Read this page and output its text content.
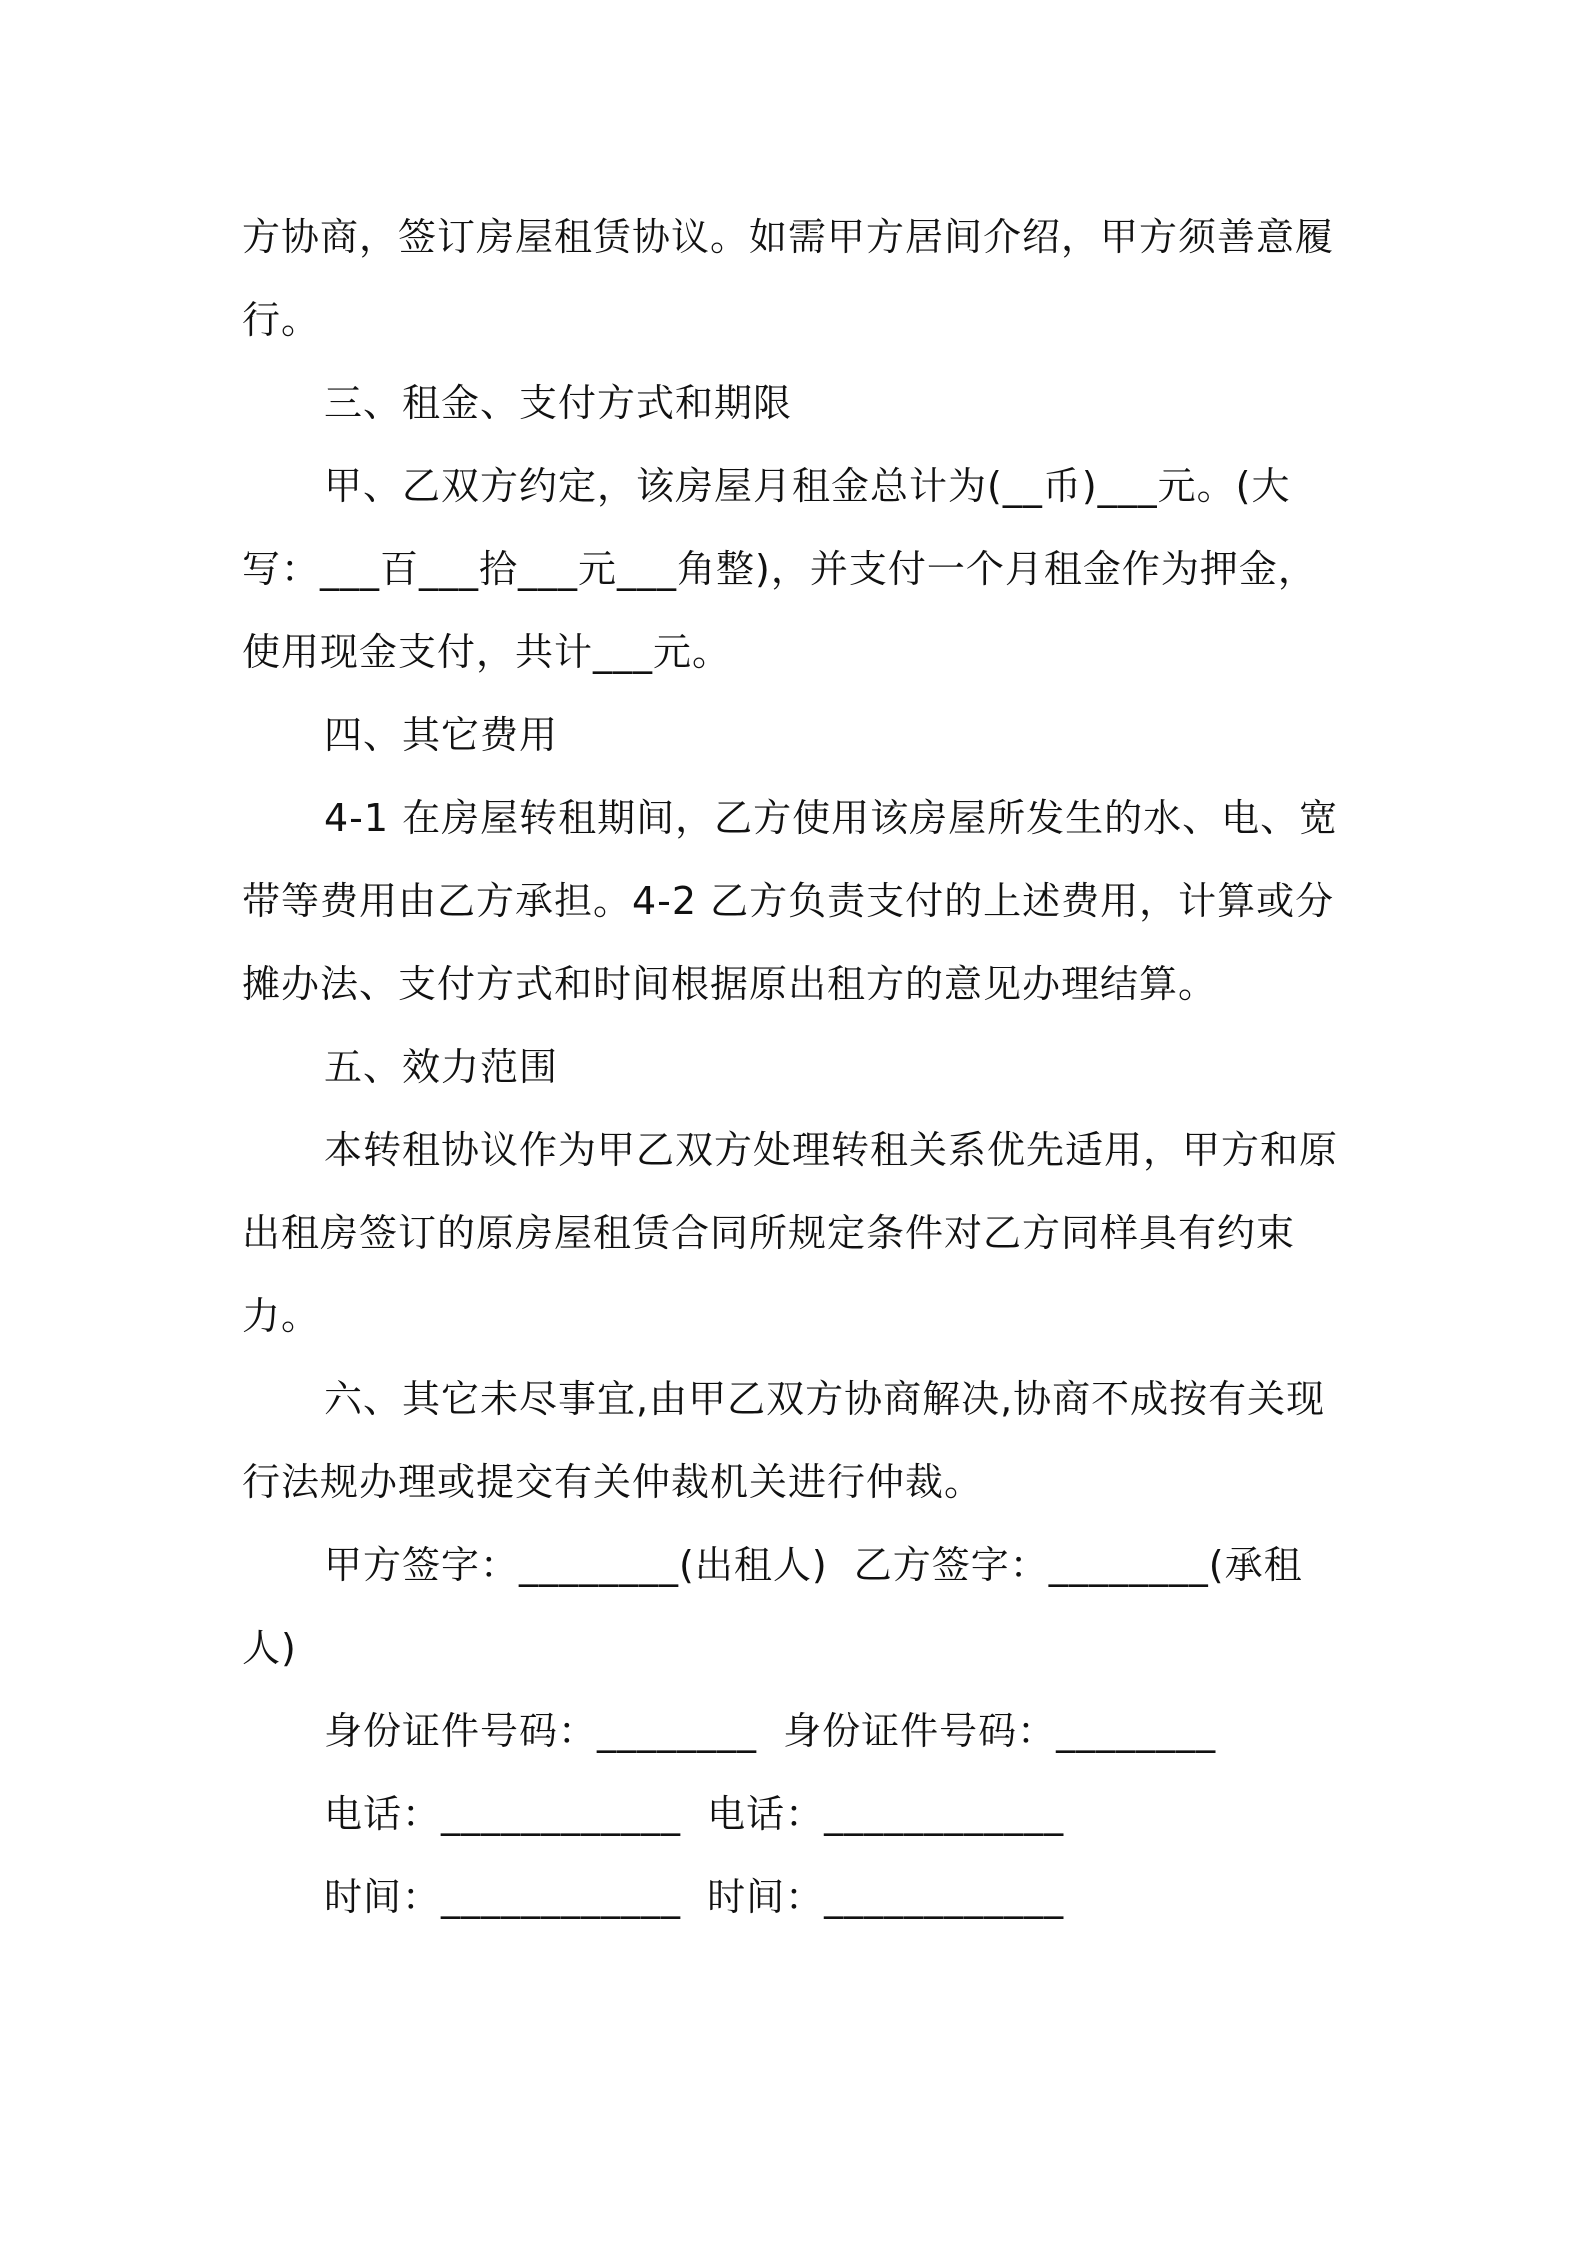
方协商，签订房屋租赁协议。如需甲方居间介绍，甲方须善意履
行。
三、租金、支付方式和期限
甲、乙双方约定，该房屋月租金总计为(__币)___元。(大
写：___百___拾___元___角整)，并支付一个月租金作为押金，
使用现金支付，共计___元。
四、其它费用
4-1 在房屋转租期间，乙方使用该房屋所发生的水、电、宽
带等费用由乙方承担。4-2 乙方负责支付的上述费用，计算或分
摊办法、支付方式和时间根据原出租方的意见办理结算。
五、效力范围
本转租协议作为甲乙双方处理转租关系优先适用，甲方和原
出租房签订的原房屋租赁合同所规定条件对乙方同样具有约束
力。
六、其它未尽事宜,由甲乙双方协商解决,协商不成按有关现
行法规办理或提交有关仲裁机关进行仲裁。
甲方签字：________(出租人)  乙方签字：________(承租
人)
身份证件号码：________  身份证件号码：________
电话：____________  电话：____________
时间：____________  时间：____________
